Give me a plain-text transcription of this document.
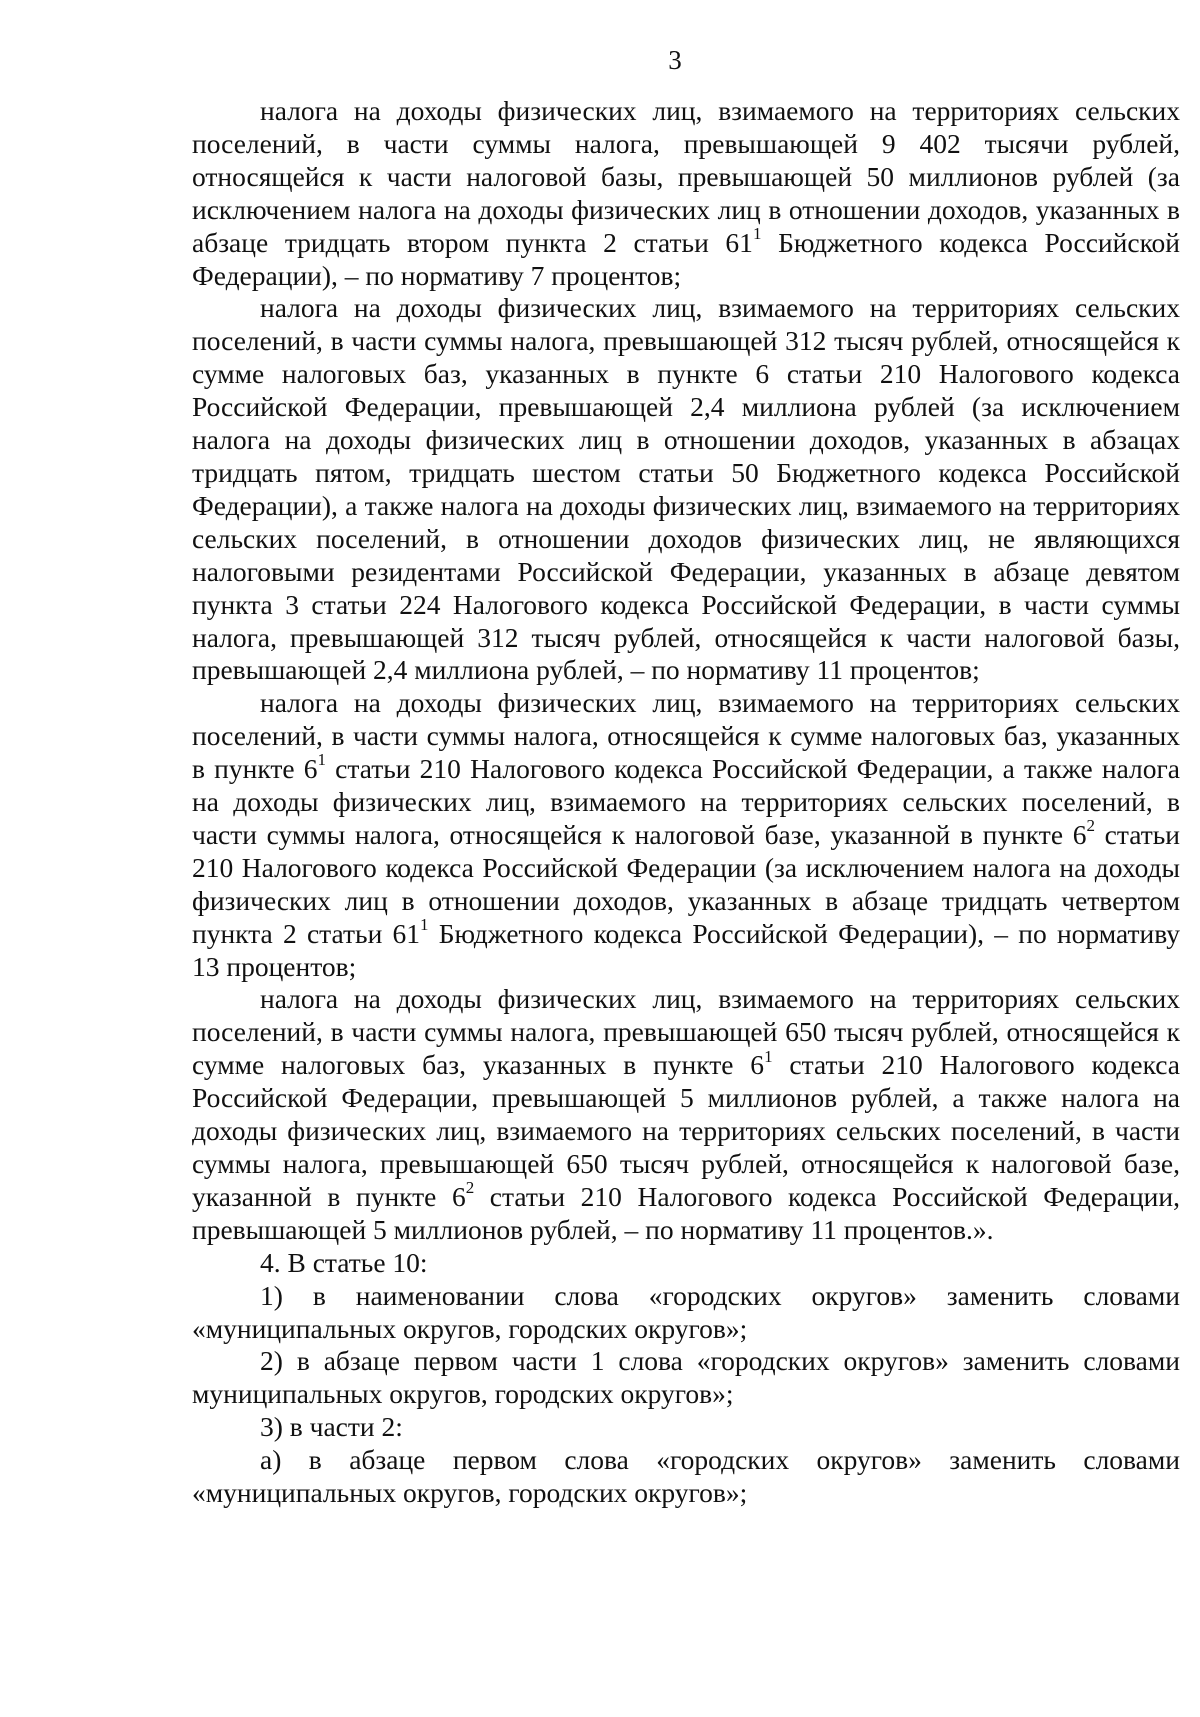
3

налога на доходы физических лиц, взимаемого на территориях сельских поселений, в части суммы налога, превышающей 9 402 тысячи рублей, относящейся к части налоговой базы, превышающей 50 миллионов рублей (за исключением налога на доходы физических лиц в отношении доходов, указанных в абзаце тридцать втором пункта 2 статьи $61^1$ Бюджетного кодекса Российской Федерации), – по нормативу 7 процентов;

налога на доходы физических лиц, взимаемого на территориях сельских поселений, в части суммы налога, превышающей 312 тысяч рублей, относящейся к сумме налоговых баз, указанных в пункте 6 статьи 210 Налогового кодекса Российской Федерации, превышающей 2,4 миллиона рублей (за исключением налога на доходы физических лиц в отношении доходов, указанных в абзацах тридцать пятом, тридцать шестом статьи 50 Бюджетного кодекса Российской Федерации), а также налога на доходы физических лиц, взимаемого на территориях сельских поселений, в отношении доходов физических лиц, не являющихся налоговыми резидентами Российской Федерации, указанных в абзаце девятом пункта 3 статьи 224 Налогового кодекса Российской Федерации, в части суммы налога, превышающей 312 тысяч рублей, относящейся к части налоговой базы, превышающей 2,4 миллиона рублей, – по нормативу 11 процентов;

налога на доходы физических лиц, взимаемого на территориях сельских поселений, в части суммы налога, относящейся к сумме налоговых баз, указанных в пункте $6^1$ статьи 210 Налогового кодекса Российской Федерации, а также налога на доходы физических лиц, взимаемого на территориях сельских поселений, в части суммы налога, относящейся к налоговой базе, указанной в пункте $6^2$ статьи 210 Налогового кодекса Российской Федерации (за исключением налога на доходы физических лиц в отношении доходов, указанных в абзаце тридцать четвертом пункта 2 статьи $61^1$ Бюджетного кодекса Российской Федерации), – по нормативу 13 процентов;

налога на доходы физических лиц, взимаемого на территориях сельских поселений, в части суммы налога, превышающей 650 тысяч рублей, относящейся к сумме налоговых баз, указанных в пункте $6^1$ статьи 210 Налогового кодекса Российской Федерации, превышающей 5 миллионов рублей, а также налога на доходы физических лиц, взимаемого на территориях сельских поселений, в части суммы налога, превышающей 650 тысяч рублей, относящейся к налоговой базе, указанной в пункте $6^2$ статьи 210 Налогового кодекса Российской Федерации, превышающей 5 миллионов рублей, – по нормативу 11 процентов.».

4. В статье 10:

1) в наименовании слова «городских округов» заменить словами «муниципальных округов, городских округов»;

2) в абзаце первом части 1 слова «городских округов» заменить словами муниципальных округов, городских округов»;

3) в части 2:

а) в абзаце первом слова «городских округов» заменить словами «муниципальных округов, городских округов»;
